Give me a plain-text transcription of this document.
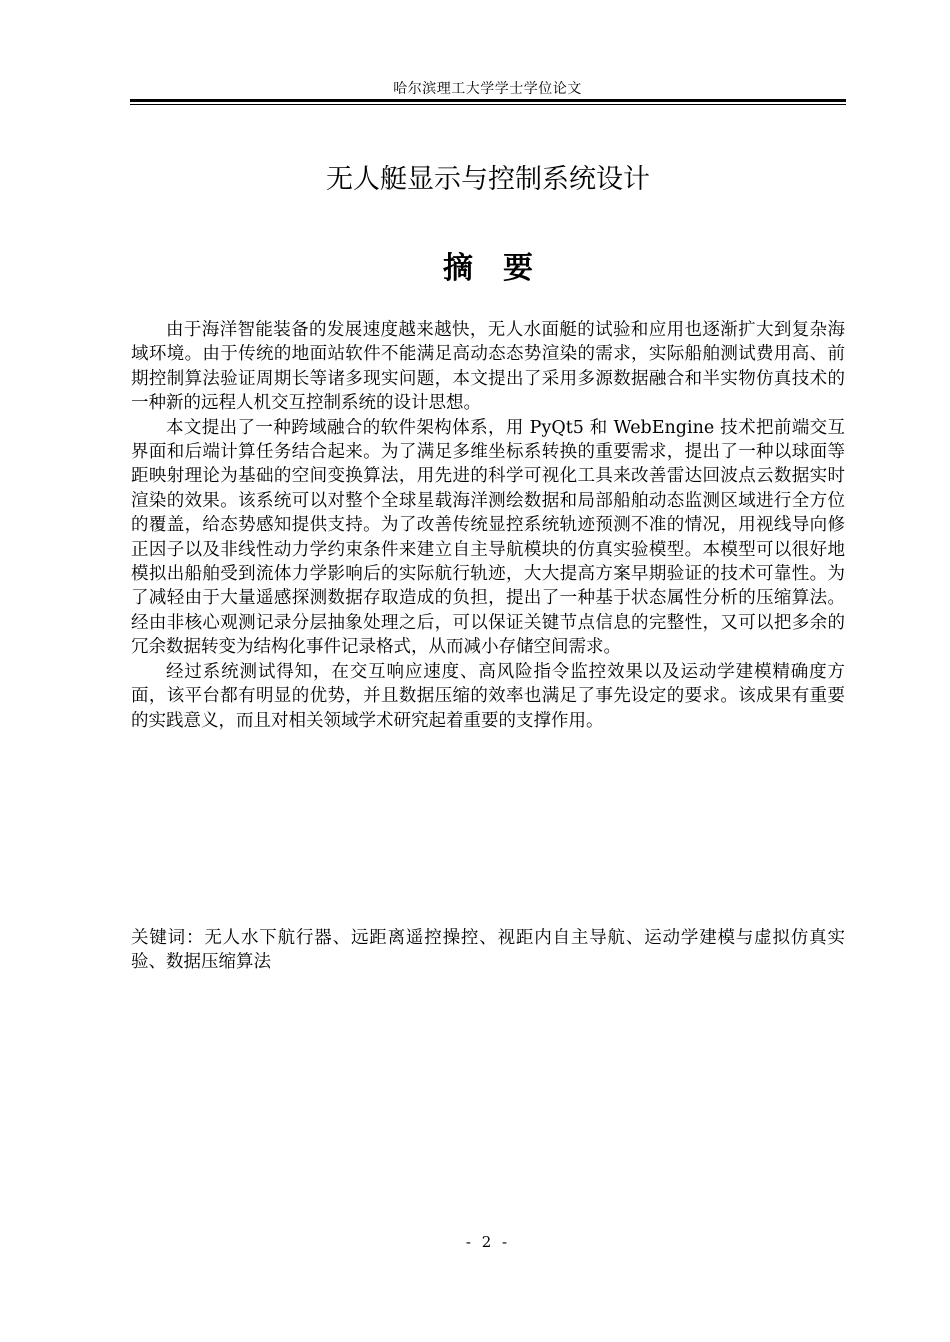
哈尔滨理工大学学士学位论文
无人艇显示与控制系统设计
摘要

由于海洋智能装备的发展速度越来越快，无人水面艇的试验和应用也逐渐扩大到复杂海域环境。由于传统的地面站软件不能满足高动态态势渲染的需求，实际船舶测试费用高、前期控制算法验证周期长等诸多现实问题，本文提出了采用多源数据融合和半实物仿真技术的一种新的远程人机交互控制系统的设计思想。

本文提出了一种跨域融合的软件架构体系，用 PyQt5 和 WebEngine 技术把前端交互界面和后端计算任务结合起来。为了满足多维坐标系转换的重要需求，提出了一种以球面等距映射理论为基础的空间变换算法，用先进的科学可视化工具来改善雷达回波点云数据实时渲染的效果。该系统可以对整个全球星载海洋测绘数据和局部船舶动态监测区域进行全方位的覆盖，给态势感知提供支持。为了改善传统显控系统轨迹预测不准的情况，用视线导向修正因子以及非线性动力学约束条件来建立自主导航模块的仿真实验模型。本模型可以很好地模拟出船舶受到流体力学影响后的实际航行轨迹，大大提高方案早期验证的技术可靠性。为了减轻由于大量遥感探测数据存取造成的负担，提出了一种基于状态属性分析的压缩算法。经由非核心观测记录分层抽象处理之后，可以保证关键节点信息的完整性，又可以把多余的冗余数据转变为结构化事件记录格式，从而减小存储空间需求。

经过系统测试得知，在交互响应速度、高风险指令监控效果以及运动学建模精确度方面，该平台都有明显的优势，并且数据压缩的效率也满足了事先设定的要求。该成果有重要的实践意义，而且对相关领域学术研究起着重要的支撑作用。

关键词：无人水下航行器、远距离遥控操控、视距内自主导航、运动学建模与虚拟仿真实验、数据压缩算法

- 2 -
